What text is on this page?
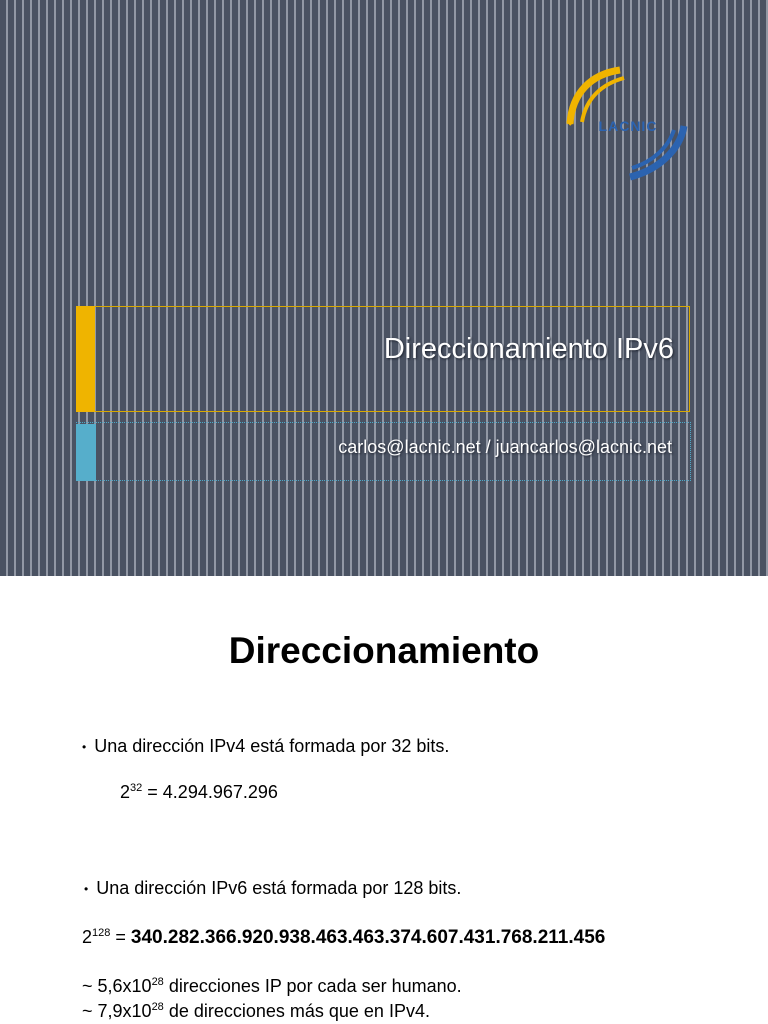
LACNIC
Direccionamiento IPv6
carlos@lacnic.net / juancarlos@lacnic.net
Direccionamiento
• Una dirección IPv4 está formada por 32 bits.
$2^{32} = 4.294.967.296$
• Una dirección IPv6 está formada por 128 bits.
$2^{128} = 340.282.366.920.938.463.463.374.607.431.768.211.456$
~ $5,6x10^{28}$ direcciones IP por cada ser humano.
~ $7,9x10^{28}$ de direcciones más que en IPv4.
